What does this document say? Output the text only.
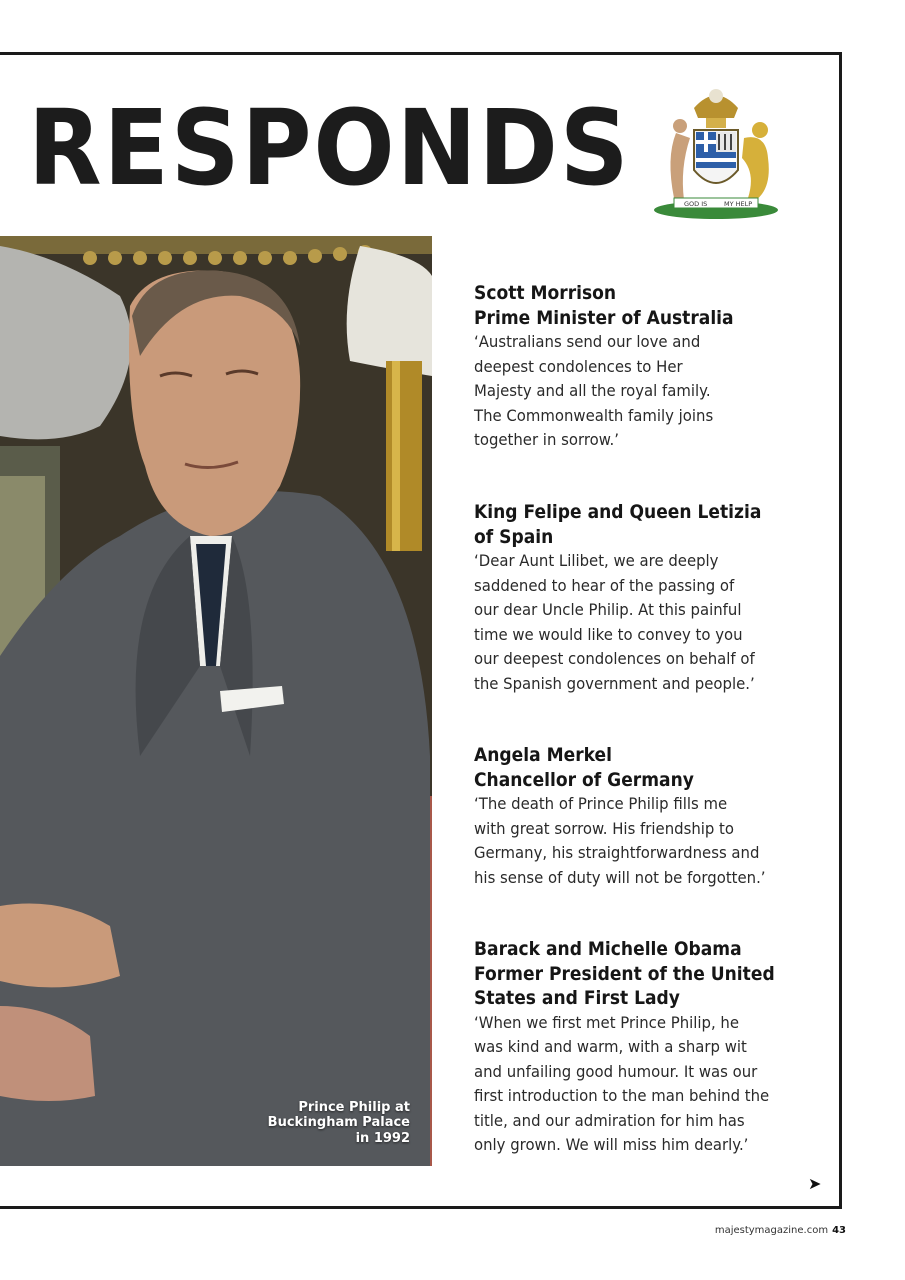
RESPONDS	GOD IS	MY HELP
Prince Philip at
Buckingham Palace
in 1992
Scott Morrison
Prime Minister of Australia
‘Australians send our love and
deepest condolences to Her
Majesty and all the royal family.
The Commonwealth family joins
together in sorrow.’
King Felipe and Queen Letizia
of Spain
‘Dear Aunt Lilibet, we are deeply
saddened to hear of the passing of
our dear Uncle Philip. At this painful
time we would like to convey to you
our deepest condolences on behalf of
the Spanish government and people.’
Angela Merkel
Chancellor of Germany
‘The death of Prince Philip fills me
with great sorrow. His friendship to
Germany, his straightforwardness and
his sense of duty will not be forgotten.’
Barack and Michelle Obama
Former President of the United
States and First Lady
‘When we first met Prince Philip, he
was kind and warm, with a sharp wit
and unfailing good humour. It was our
first introduction to the man behind the
title, and our admiration for him has
only grown. We will miss him dearly.’
➤
majestymagazine.com 43
